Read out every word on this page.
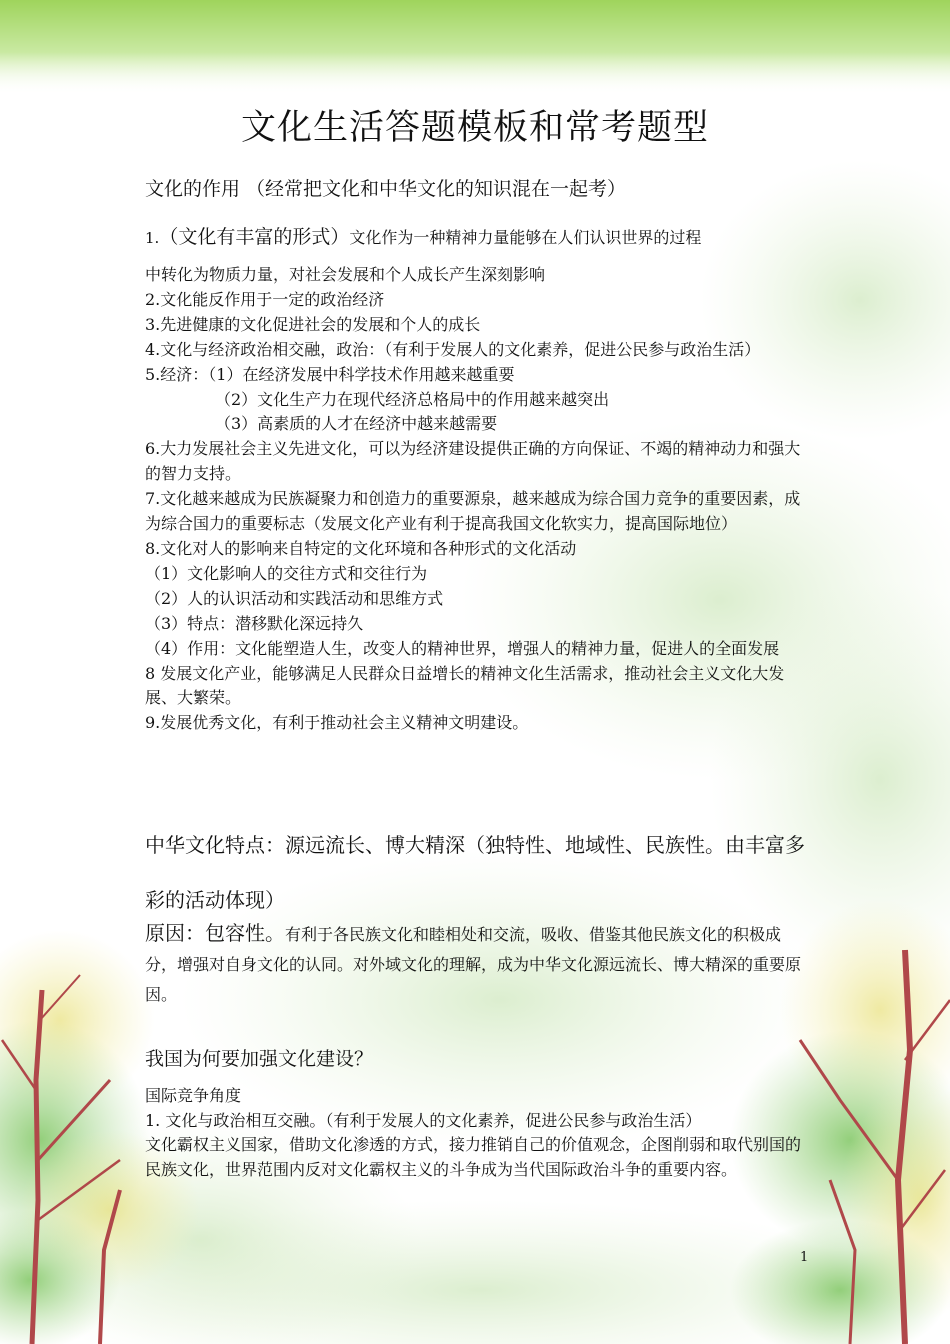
文化生活答题模板和常考题型
文化的作用 （经常把文化和中华文化的知识混在一起考）
1.（文化有丰富的形式）文化作为一种精神力量能够在人们认识世界的过程
中转化为物质力量，对社会发展和个人成长产生深刻影响
2.文化能反作用于一定的政治经济
3.先进健康的文化促进社会的发展和个人的成长
4.文化与经济政治相交融，政治：（有利于发展人的文化素养，促进公民参与政治生活）
5.经济：（1）在经济发展中科学技术作用越来越重要
（2）文化生产力在现代经济总格局中的作用越来越突出
（3）高素质的人才在经济中越来越需要
6.大力发展社会主义先进文化，可以为经济建设提供正确的方向保证、不竭的精神动力和强大的智力支持。
7.文化越来越成为民族凝聚力和创造力的重要源泉，越来越成为综合国力竞争的重要因素，成为综合国力的重要标志（发展文化产业有利于提高我国文化软实力，提高国际地位）
8.文化对人的影响来自特定的文化环境和各种形式的文化活动
（1）文化影响人的交往方式和交往行为
（2）人的认识活动和实践活动和思维方式
（3）特点：潜移默化深远持久
（4）作用：文化能塑造人生，改变人的精神世界，增强人的精神力量，促进人的全面发展
8 发展文化产业，能够满足人民群众日益增长的精神文化生活需求，推动社会主义文化大发展、大繁荣。
9.发展优秀文化，有利于推动社会主义精神文明建设。
中华文化特点：源远流长、博大精深（独特性、地域性、民族性。由丰富多彩的活动体现）
原因：包容性。有利于各民族文化和睦相处和交流，吸收、借鉴其他民族文化的积极成分，增强对自身文化的认同。对外域文化的理解，成为中华文化源远流长、博大精深的重要原因。
我国为何要加强文化建设？
国际竞争角度
1. 文化与政治相互交融。（有利于发展人的文化素养，促进公民参与政治生活）
文化霸权主义国家，借助文化渗透的方式，接力推销自己的价值观念，企图削弱和取代别国的民族文化，世界范围内反对文化霸权主义的斗争成为当代国际政治斗争的重要内容。
1
